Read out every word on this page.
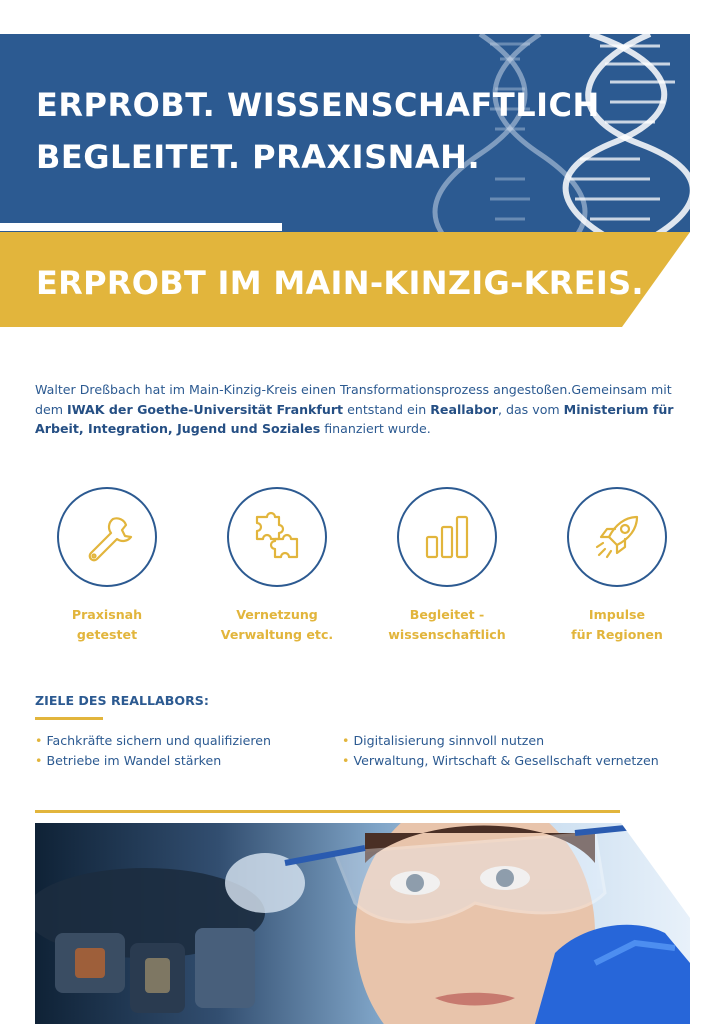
ERPROBT. WISSENSCHAFTLICH
BEGLEITET. PRAXISNAH.
ERPROBT IM MAIN-KINZIG-KREIS.

Walter Dreßbach hat im Main-Kinzig-Kreis einen Transformationsprozess angestoßen.Gemeinsam mit dem IWAK der Goethe-Universität Frankfurt entstand ein Reallabor, das vom Ministerium für Arbeit, Integration, Jugend und Soziales finanziert wurde.

Praxisnah
getestet
Vernetzung
Verwaltung etc.
Begleitet -
wissenschaftlich
Impulse
für Regionen
ZIELE DES REALLABORS:
• Fachkräfte sichern und qualifizieren
• Betriebe im Wandel stärken
• Digitalisierung sinnvoll nutzen
• Verwaltung, Wirtschaft & Gesellschaft vernetzen
